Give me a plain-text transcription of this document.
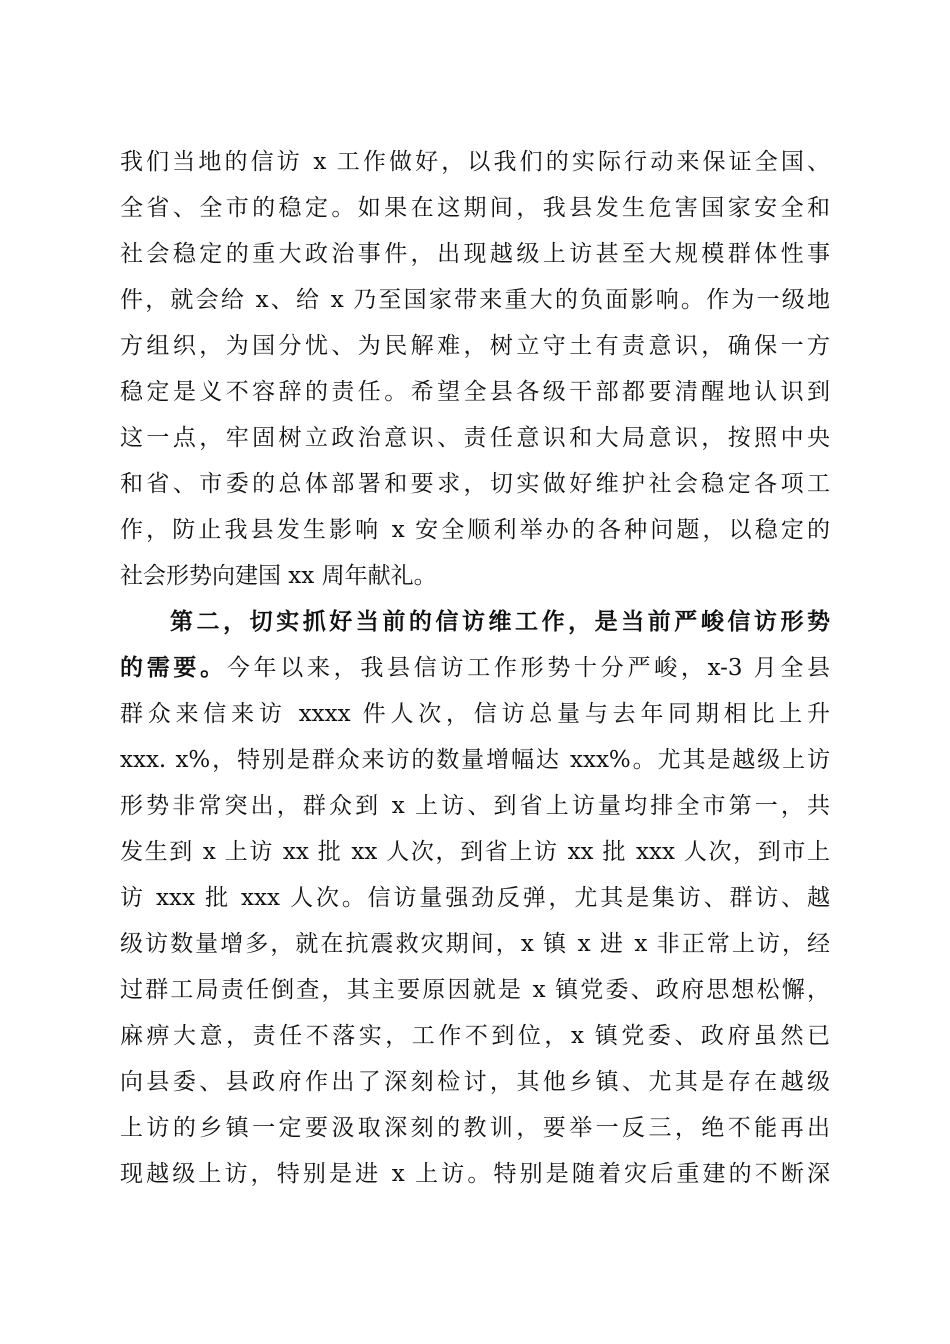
我们当地的信访 x 工作做好，以我们的实际行动来保证全国、
全省、全市的稳定。如果在这期间，我县发生危害国家安全和
社会稳定的重大政治事件，出现越级上访甚至大规模群体性事
件，就会给 x、给 x 乃至国家带来重大的负面影响。作为一级地
方组织，为国分忧、为民解难，树立守土有责意识，确保一方
稳定是义不容辞的责任。希望全县各级干部都要清醒地认识到
这一点，牢固树立政治意识、责任意识和大局意识，按照中央
和省、市委的总体部署和要求，切实做好维护社会稳定各项工
作，防止我县发生影响 x 安全顺利举办的各种问题，以稳定的
社会形势向建国 xx 周年献礼。
第二，切实抓好当前的信访维工作，是当前严峻信访形势
的需要。今年以来，我县信访工作形势十分严峻，x-3 月全县
群众来信来访 xxxx 件人次，信访总量与去年同期相比上升
xxx. x%，特别是群众来访的数量增幅达 xxx%。尤其是越级上访
形势非常突出，群众到 x 上访、到省上访量均排全市第一，共
发生到 x 上访 xx 批 xx 人次，到省上访 xx 批 xxx 人次，到市上
访 xxx 批 xxx 人次。信访量强劲反弹，尤其是集访、群访、越
级访数量增多，就在抗震救灾期间，x 镇 x 进 x 非正常上访，经
过群工局责任倒查，其主要原因就是 x 镇党委、政府思想松懈，
麻痹大意，责任不落实，工作不到位，x 镇党委、政府虽然已
向县委、县政府作出了深刻检讨，其他乡镇、尤其是存在越级
上访的乡镇一定要汲取深刻的教训，要举一反三，绝不能再出
现越级上访，特别是进 x 上访。特别是随着灾后重建的不断深
